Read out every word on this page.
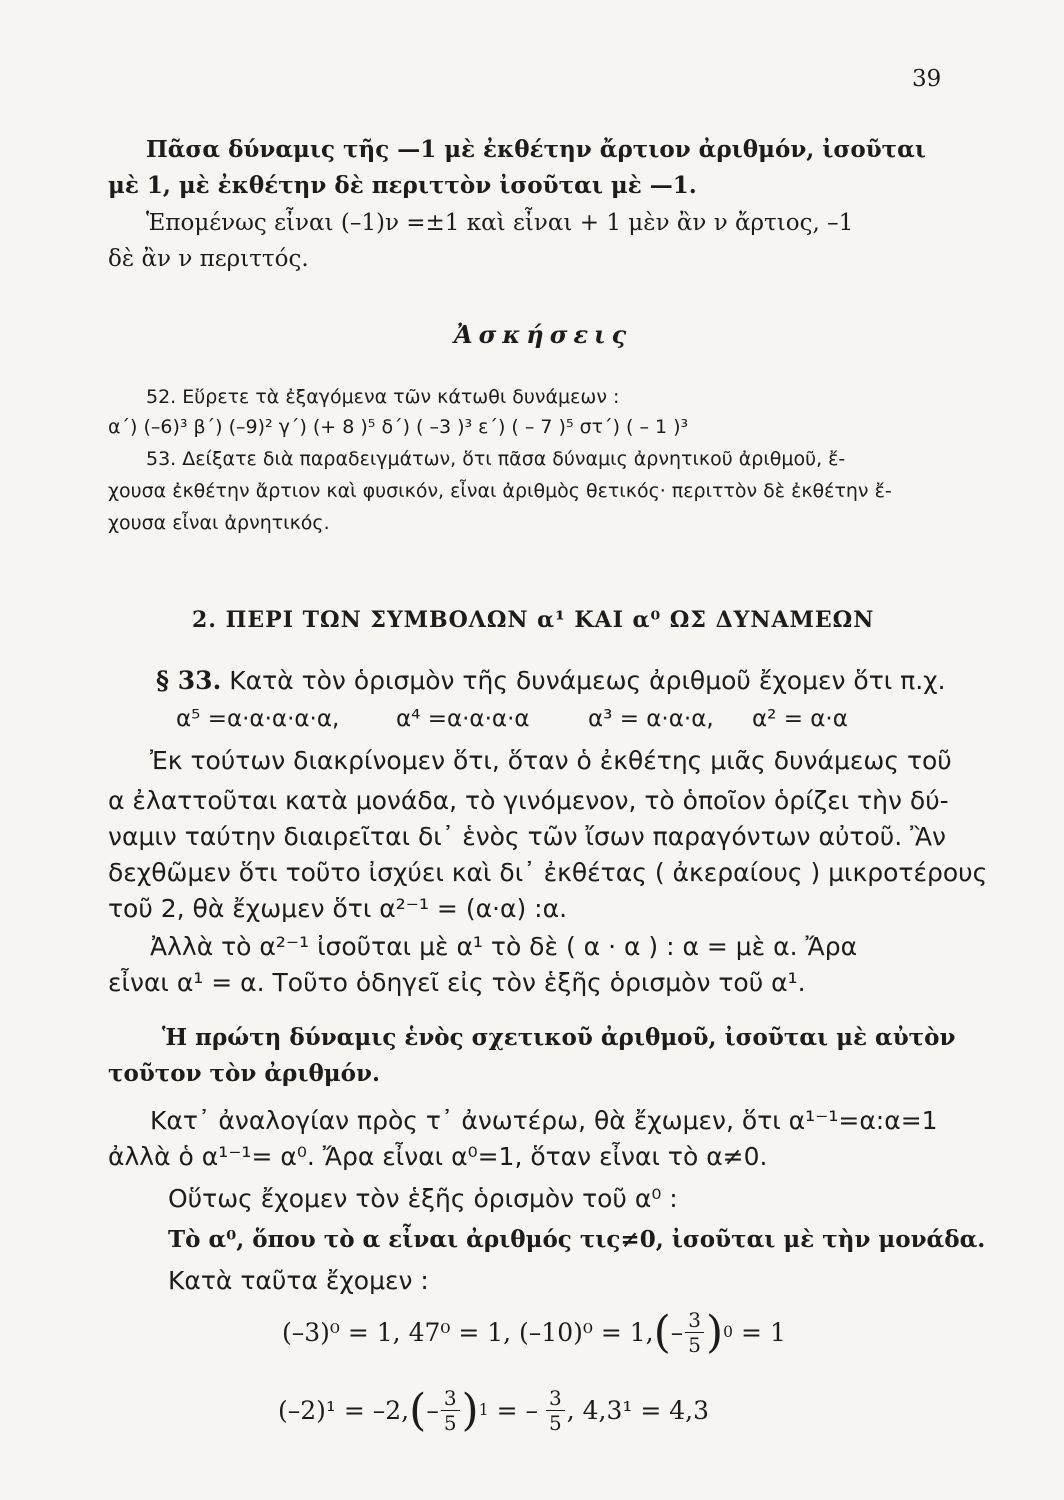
39
Πᾶσα δύναμις τῆς —1 μὲ ἐκθέτην ἄρτιον ἀριθμόν, ἰσοῦται
μὲ 1, μὲ ἐκθέτην δὲ περιττὸν ἰσοῦται μὲ —1.
Ἑπομένως εἶναι (–1)ν =±1 καὶ εἶναι + 1 μὲν ἂν ν ἄρτιος, –1
δὲ ἂν ν περιττός.
Ἀσκήσεις
52. Εὕρετε τὰ ἐξαγόμενα τῶν κάτωθι δυνάμεων :
α΄) (–6)³ β΄) (–9)² γ΄) (+ 8 )⁵ δ΄) ( –3 )³ ε΄) ( – 7 )⁵ στ΄) ( – 1 )³
53. Δείξατε διὰ παραδειγμάτων, ὅτι πᾶσα δύναμις ἀρνητικοῦ ἀριθμοῦ, ἔ-
χουσα ἐκθέτην ἄρτιον καὶ φυσικόν, εἶναι ἀριθμὸς θετικός· περιττὸν δὲ ἐκθέτην ἔ-
χουσα εἶναι ἀρνητικός.
2. ΠΕΡΙ ΤΩΝ ΣΥΜΒΟΛΩΝ α¹ ΚΑΙ α⁰ ΩΣ ΔΥΝΑΜΕΩΝ
§ 33. Κατὰ τὸν ὁρισμὸν τῆς δυνάμεως ἀριθμοῦ ἔχομεν ὅτι π.χ.
α⁵ =α·α·α·α·α, α⁴ =α·α·α·α	α³ = α·α·α, α² = α·α
Ἐκ τούτων διακρίνομεν ὅτι, ὅταν ὁ ἐκθέτης μιᾶς δυνάμεως τοῦ
α ἐλαττοῦται κατὰ μονάδα, τὸ γινόμενον, τὸ ὁποῖον ὁρίζει τὴν δύ-
ναμιν ταύτην διαιρεῖται δι᾽ ἑνὸς τῶν ἴσων παραγόντων αὐτοῦ. Ἂν
δεχθῶμεν ὅτι τοῦτο ἰσχύει καὶ δι᾽ ἐκθέτας ( ἀκεραίους ) μικροτέρους
τοῦ 2, θὰ ἔχωμεν ὅτι α²⁻¹ = (α·α) :α.
Ἀλλὰ τὸ α²⁻¹ ἰσοῦται μὲ α¹ τὸ δὲ ( α · α ) : α = μὲ α. Ἄρα
εἶναι α¹ = α. Τοῦτο ὁδηγεῖ εἰς τὸν ἑξῆς ὁρισμὸν τοῦ α¹.
Ἡ πρώτη δύναμις ἑνὸς σχετικοῦ ἀριθμοῦ, ἰσοῦται μὲ αὐτὸν
τοῦτον τὸν ἀριθμόν.
Κατ᾽ ἀναλογίαν πρὸς τ᾽ ἀνωτέρω, θὰ ἔχωμεν, ὅτι α¹⁻¹=α:α=1
ἀλλὰ ὁ α¹⁻¹= α⁰. Ἄρα εἶναι α⁰=1, ὅταν εἶναι τὸ α≠0.
Οὕτως ἔχομεν τὸν ἑξῆς ὁρισμὸν τοῦ α⁰ :
Τὸ α⁰, ὅπου τὸ α εἶναι ἀριθμός τις≠0, ἰσοῦται μὲ τὴν μονάδα.
Κατὰ ταῦτα ἔχομεν :
(–3)⁰ = 1, 47⁰ = 1, (–10)⁰ = 1, ( – $\frac{3}{5}$ ) 0 = 1
(–2)¹ = –2, ( – $\frac{3}{5}$ ) 1 = – $\frac{3}{5}$ , 4,3¹ = 4,3
